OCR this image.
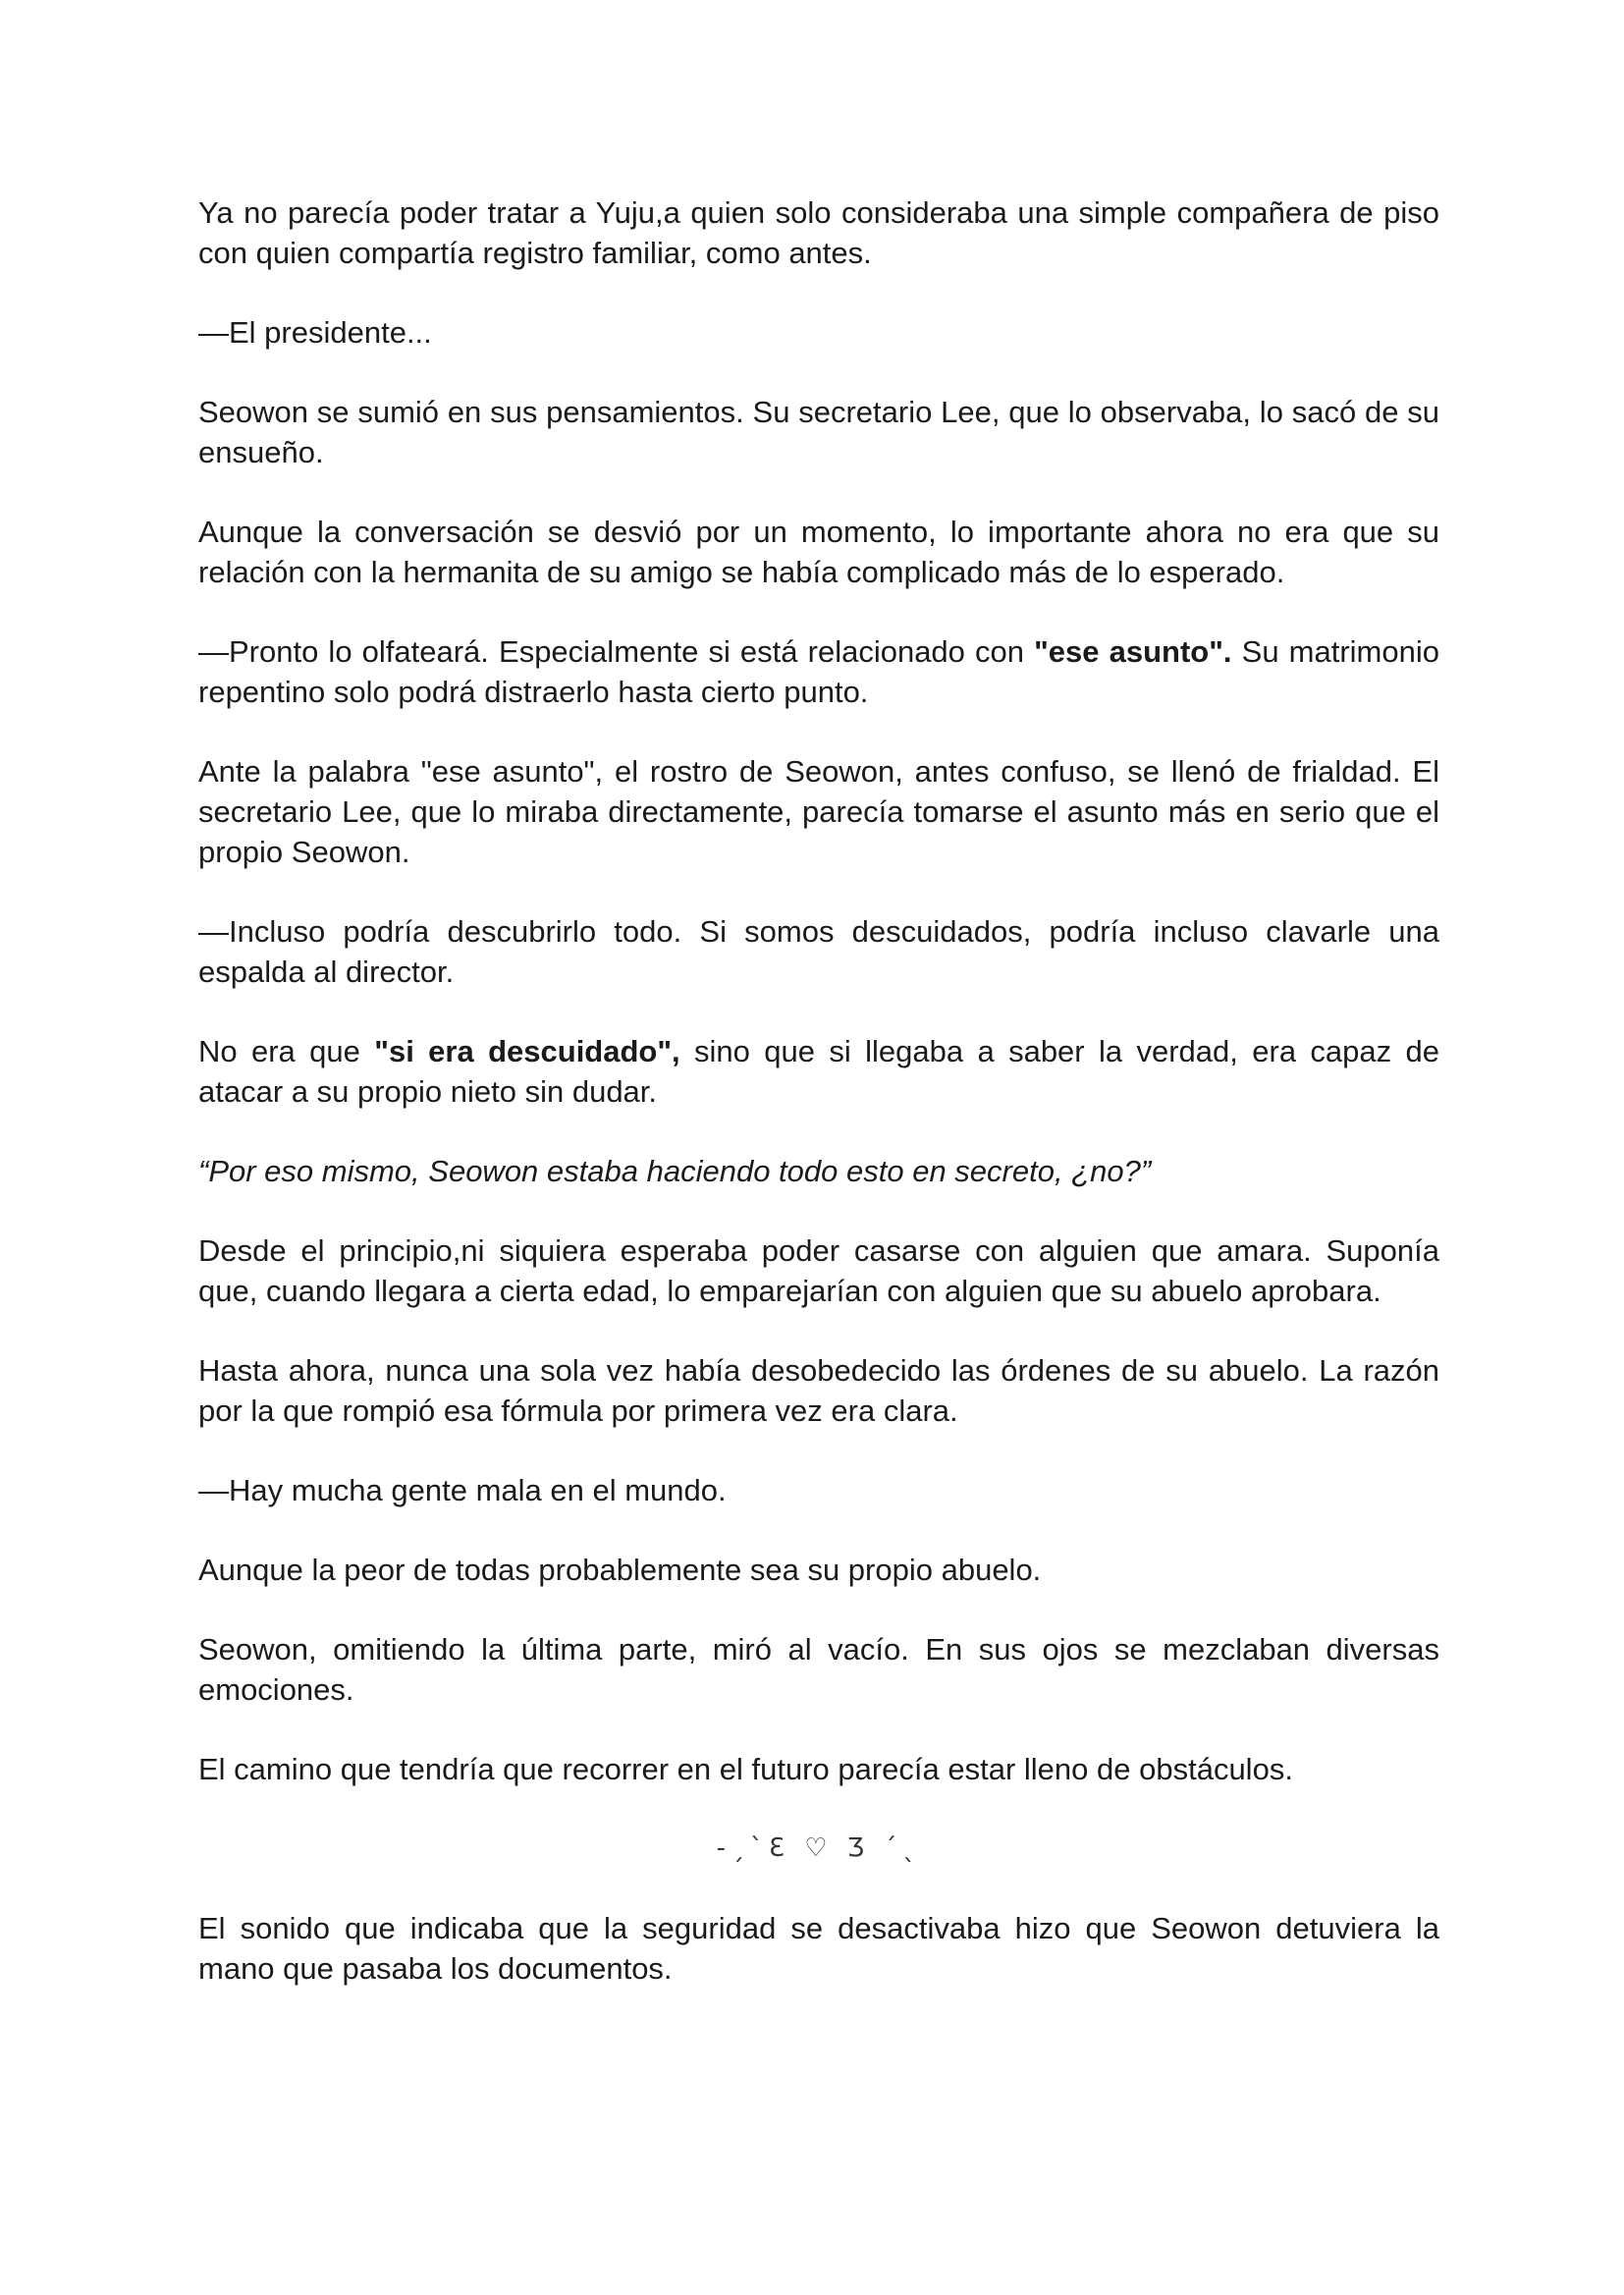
Ya no parecía poder tratar a Yuju,a quien solo consideraba una simple compañera de piso con quien compartía registro familiar, como antes.

—El presidente...

Seowon se sumió en sus pensamientos. Su secretario Lee, que lo observaba, lo sacó de su ensueño.

Aunque la conversación se desvió por un momento, lo importante ahora no era que su relación con la hermanita de su amigo se había complicado más de lo esperado.

—Pronto lo olfateará. Especialmente si está relacionado con "ese asunto". Su matrimonio repentino solo podrá distraerlo hasta cierto punto.

Ante la palabra "ese asunto", el rostro de Seowon, antes confuso, se llenó de frialdad. El secretario Lee, que lo miraba directamente, parecía tomarse el asunto más en serio que el propio Seowon.

—Incluso podría descubrirlo todo. Si somos descuidados, podría incluso clavarle una espalda al director.

No era que "si era descuidado", sino que si llegaba a saber la verdad, era capaz de atacar a su propio nieto sin dudar.

“Por eso mismo, Seowon estaba haciendo todo esto en secreto, ¿no?”

Desde el principio,ni siquiera esperaba poder casarse con alguien que amara. Suponía que, cuando llegara a cierta edad, lo emparejarían con alguien que su abuelo aprobara.

Hasta ahora, nunca una sola vez había desobedecido las órdenes de su abuelo. La razón por la que rompió esa fórmula por primera vez era clara.

—Hay mucha gente mala en el mundo.

Aunque la peor de todas probablemente sea su propio abuelo.

Seowon, omitiendo la última parte, miró al vacío. En sus ojos se mezclaban diversas emociones.

El camino que tendría que recorrer en el futuro parecía estar lleno de obstáculos.

-ˏˋƐ ♡ Ʒ ˊˎ

El sonido que indicaba que la seguridad se desactivaba hizo que Seowon detuviera la mano que pasaba los documentos.
